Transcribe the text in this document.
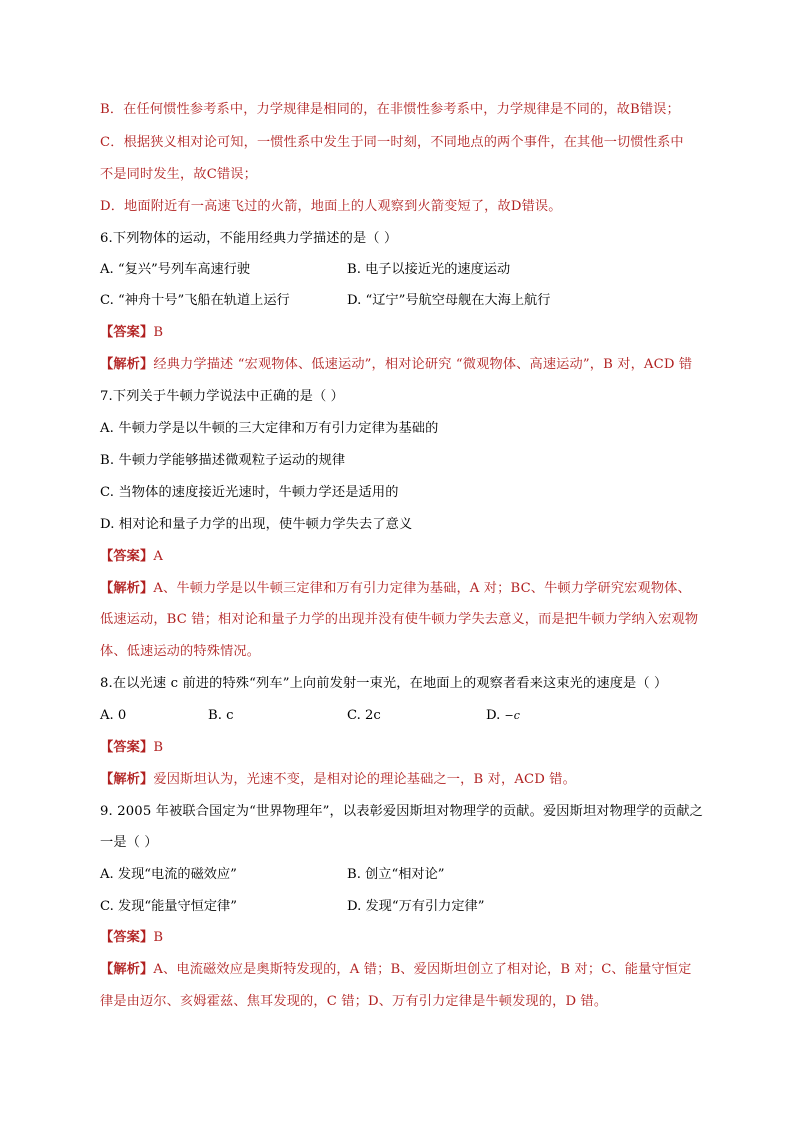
B．在任何惯性参考系中，力学规律是相同的，在非惯性参考系中，力学规律是不同的，故B错误；
C．根据狭义相对论可知，一惯性系中发生于同一时刻，不同地点的两个事件，在其他一切惯性系中
不是同时发生，故C错误；
D．地面附近有一高速飞过的火箭，地面上的人观察到火箭变短了，故D错误。
6.下列物体的运动，不能用经典力学描述的是（ ）
A. “复兴”号列车高速行驶	B. 电子以接近光的速度运动
C. “神舟十号”飞船在轨道上运行	D. “辽宁”号航空母舰在大海上航行
【答案】B
【解析】经典力学描述 “宏观物体、低速运动”，相对论研究 “微观物体、高速运动”，B 对，ACD 错
7.下列关于牛顿力学说法中正确的是（ ）
A. 牛顿力学是以牛顿的三大定律和万有引力定律为基础的
B. 牛顿力学能够描述微观粒子运动的规律
C. 当物体的速度接近光速时，牛顿力学还是适用的
D. 相对论和量子力学的出现，使牛顿力学失去了意义
【答案】A
【解析】A、牛顿力学是以牛顿三定律和万有引力定律为基础，A 对；BC、牛顿力学研究宏观物体、
低速运动，BC 错；相对论和量子力学的出现并没有使牛顿力学失去意义，而是把牛顿力学纳入宏观物
体、低速运动的特殊情况。
8.在以光速 c 前进的特殊“列车”上向前发射一束光，在地面上的观察者看来这束光的速度是（ ）
A. 0	B. c	C. 2c	D. −c
【答案】B
【解析】爱因斯坦认为，光速不变，是相对论的理论基础之一，B 对，ACD 错。
9. 2005 年被联合国定为“世界物理年”，以表彰爱因斯坦对物理学的贡献。爱因斯坦对物理学的贡献之
一是（ ）
A. 发现“电流的磁效应”	B. 创立“相对论”
C. 发现“能量守恒定律”	D. 发现“万有引力定律”
【答案】B
【解析】A、电流磁效应是奥斯特发现的，A 错；B、爱因斯坦创立了相对论，B 对；C、能量守恒定
律是由迈尔、亥姆霍兹、焦耳发现的，C 错；D、万有引力定律是牛顿发现的，D 错。
